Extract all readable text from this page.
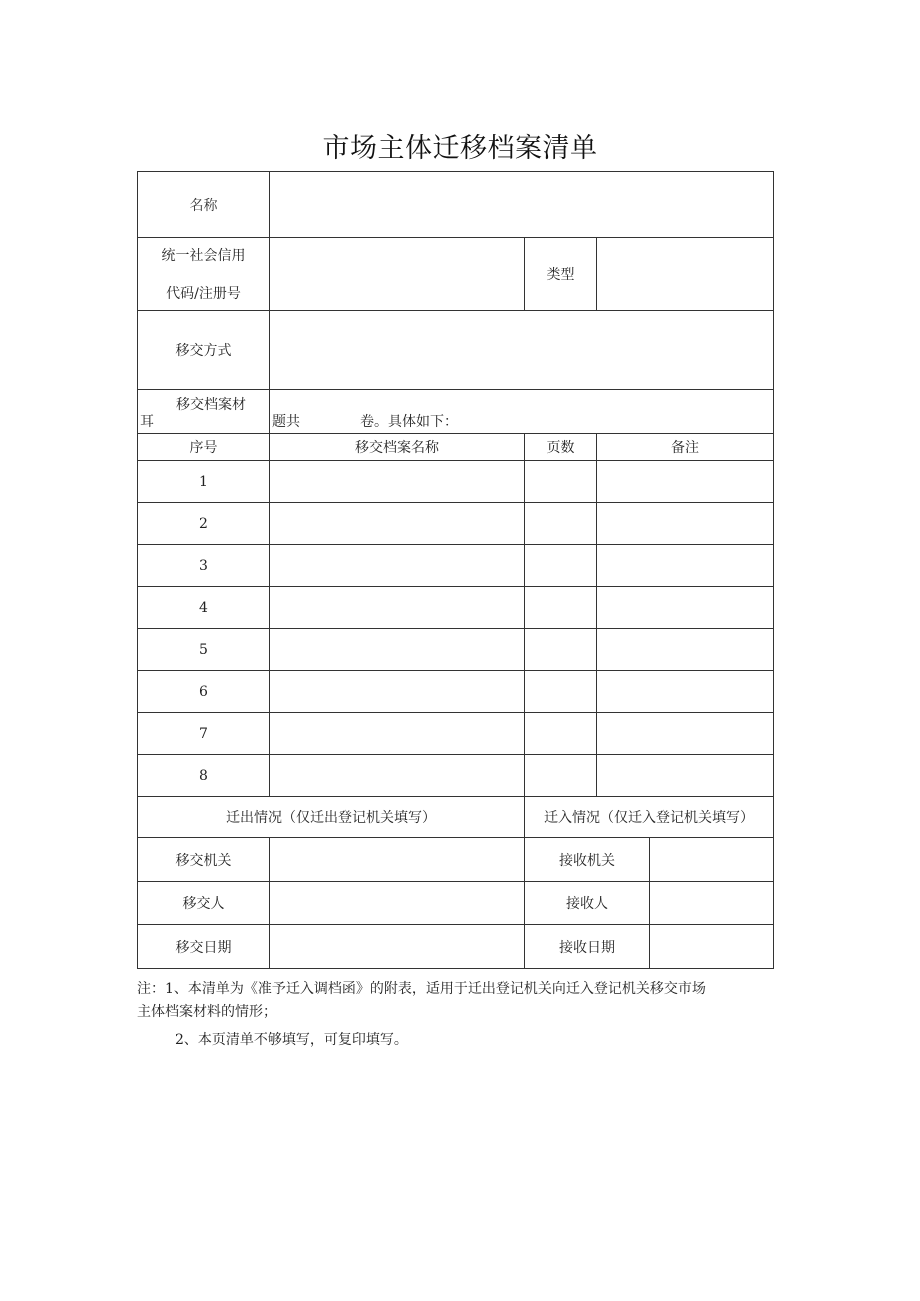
市场主体迁移档案清单
名称				

统一社会信用
代码/注册号		类型		
移交方式				

移交档案材
耳	题共 卷。具体如下：			

序号	移交档案名称	页数	备注	
1				
2				
3				
4				
5				
6				
7				
8				
迁出情况（仅迁出登记机关填写）		迁入情况（仅迁入登记机关填写）		
移交机关		接收机关		
移交人		接收人		
移交日期		接收日期		

注：1、本清单为《准予迁入调档函》的附表，适用于迁出登记机关向迁入登记机关移交市场

主体档案材料的情形；

2、本页清单不够填写，可复印填写。
